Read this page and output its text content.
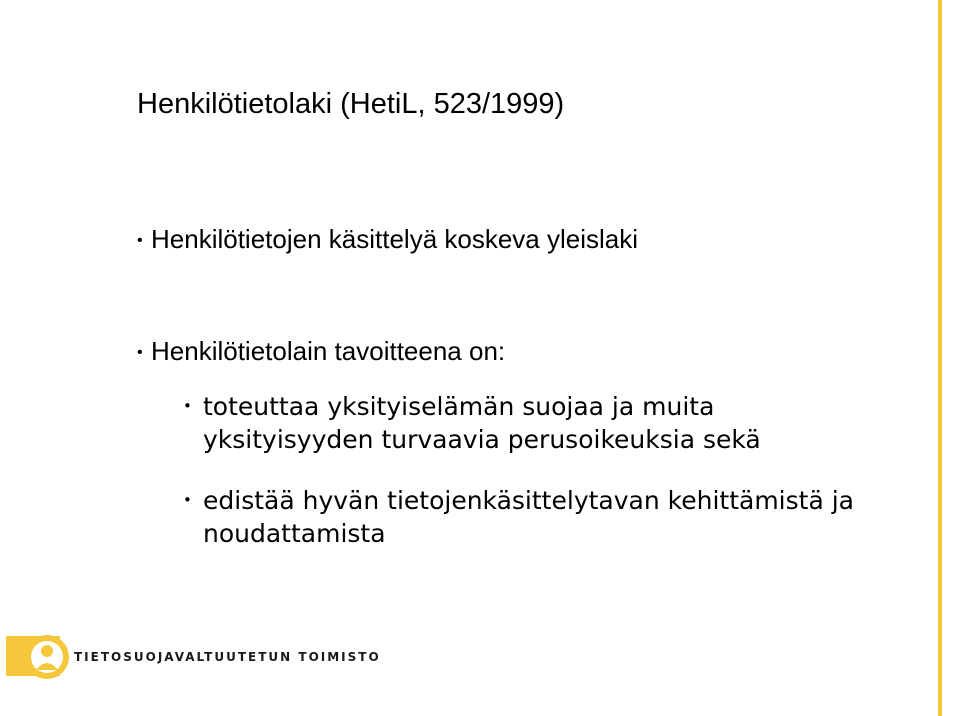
Henkilötietolaki (HetiL, 523/1999)
• Henkilötietojen käsittelyä koskeva yleislaki
• Henkilötietolain tavoitteena on:
• toteuttaa yksityiselämän suojaa ja muita yksityisyyden turvaavia perusoikeuksia sekä
• edistää hyvän tietojenkäsittelytavan kehittämistä ja noudattamista
TIETOSUOJAVALTUUTETUN TOIMISTO
